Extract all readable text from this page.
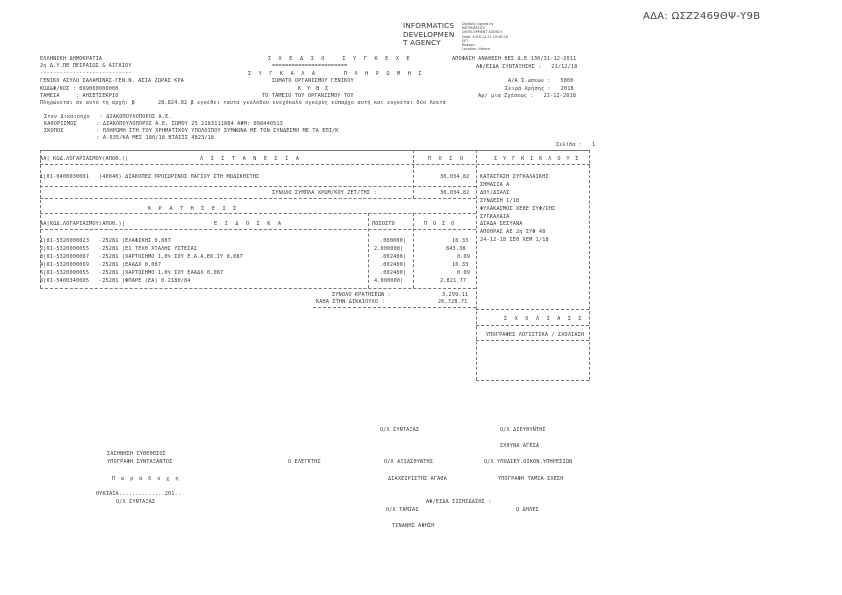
ΑΔΑ: ΩΣΖ2469ΘΨ-Υ9Β
INFORMATICS
DEVELOPMEN
T AGENCY
Digitally signed by
INFORMATICS
DEVELOPMENT AGENCY
Date: 2018.12.21 15:08:18
EET
Reason:
Location: Athens
ΕΛΛΗΝΙΚΗ ΔΗΜΟΚΡΑΤΙΑ
2η Δ.Υ.ΠΕ ΠΕΙΡΑΙΩΣ & ΑΙΓΑΙΟΥ
----------------------------
ΓΕΝΙΚΟ ΑΣΥΛΟ ΣΑΛΑΜΙΝΑΣ-ΓΕΝ.Ν. ΑΣΙΑ ΖΩΡΑΣ ΚΡΑ
ΚΩΔ&Φ/ΚΟΣ : 099000000000
ΤΑΜΕΙΑ     : ΑΗΣΕΤΣΕΚΡΙΟ
Σ Χ Ε Δ Ι Ο   Σ Υ Γ Κ Ε Χ Ε
=======================
Σ Υ Γ Κ Α Λ Α     Π Λ Η Ρ Ω Μ Η Σ
ΣΩΜΑΤΟ ΟΡΓΑΝΙΣΜΟΥ ΓΕΝΙΚΟΥ
Κ Υ Β Σ
ΤΟ ΤΑΜΕΙΟ ΤΟΥ ΟΡΓΑΝΙΣΜΟΥ ΤΟΥ
ΑΠΟΦΑΣΗ ΑΝΑΘΕΣΗ ΘΕΣ Δ.Ε 130/31-12-2011
ΑΦ/ΕΙΔΑ ΣΥΝΤΑΞΗΣΗΣ :   21/12/18
Α/Α Σ.ώσεων :   5000
Σειρά Χρήσης :   2018
Αρ/ μια Ζχέσεως :   21-12-2018
Πληρώνεται σε αυτό τη αρχή: β       28,824.82 β εγκέθει ταυτα γεολόδου ενεχόκαλο ογκέρος εύπαρχο αυτή και ευγκέται δύο Λεκτά
Στον Δικαιούχο   : ΔΙΑΚΟΠΟΥΛΟΠΟΡΟΣ Α.Ε.
ΚΑΘΟΡΙΣΜΟΣ      : ΔΙΑΚΟΠΟΥΛΟΠΟΡΟΣ Α.Ε. ΣΩΜΟΥ 25 2183111884 ΑΦΜ: 098440513
ΣΚΟΠΟΣ          : ΠΛΗΡΩΜΗ ΣΤΗ ΤΟΥ ΧΡΗΜΑΤΙΚΟΥ ΥΠΟΛΟΙΠΟΥ ΣΥΜΦΩΝΑ ΜΕ ΤΟΝ ΣΥΝΔΕΣΜΟ ΜΕ ΤΑ ΕΠΙ/Κ
: Α.635/ΚΑ ΜΕΣ 180/18 ΒΤΑΣΙΣ 4823/18
Σελίδα :   1
ΑΑ| ΚΩΔ.ΛΟΓΑΡΙΑΣΜΟΥ(ΑΠΟΘ.)|	Λ Ι Σ Τ Α Ν Ε Σ Ι Α	Π Ο Σ Ο	Σ Υ Γ Κ Ι Κ Λ Ο Υ Σ
1|01-0400030001   (40040) ΔΙΑΚΟΠΕΣ ΠΡΟΣΩΡΙΝΟΣ ΠΑΓΙΟΥ ΣΤΗ ΜΟΔΙΚΗΣΤΗΣ	30,034.82
ΣΥΝΟΛΟ ΣΥΜΠΛΑ ΧΡΩΜ/ΚΟΥ ΖΕΤ/ΤΗΣ :	30,034.82
ΚΑΤΑΣΤΑΣΗ ΣΥΓΚΑΛΑΙΚΗΣ
ΣΗΜΑΣΙΑ Α
ΔΟΥ/ΔΙΑΛΣ
ΣΥΝΔΕΣΗ 1/18
ΦΥΛΑΚΑΣΜΟΣ ΧΕΘΕ ΣΥΦ/ΣΗΣ
ΣΥΓΚΑΛΑΙΑ
ΔΙΑΔΑ ΣΕΣΥΑΝΑ
ΑΠΟΘΡΑΣ ΑΕ 2η ΣΥΦ 48
24-12-18 ΣΕΘ ΧΕΜ 1/18
Κ Ρ Α Τ Η Σ Ε Ι Σ
ΑΑ|ΚΩΔ.ΛΟΓΑΡΙΑΣΜΟΥ(ΑΠΟΘ.)|	Ε Ι Δ Ο Σ Κ Α	ΠΟΣΟΣΤΟ	Π Ο Σ Ο
1|01-5320000023   -25281 |ΕΛΑΦΙΚΗΣ 0,087	.000000|	10.33
2|01-5320000055   -25281 |Ε1 ΤΕΧΘ ΧΤΑΛΗΣ ΥΣΤΕΙΑΣ	2.000000|	843.38
3|01-5320000067   -25281 |ΧΑΡΤΟΣΗΜΟ 1,0% ΣΟΥ Ε.Α.Α.ΕΚ.ΙΥ 0,087	.002400|	0.09
4|01-5320000069   -25281 |ΕΑΑΔΧ 0,087	.002400|	10.33
5|01-5320000055   -25281 |ΧΑΡΤΟΣΗΜΟ 1,0% ΣΟΥ ΕΑΑΔΧ 0,087	.002400|	0.09
6|01-5400340005   -25281 |ΦΠΑΡΕ (ΕΑ) 0.2180/84	4.000000|	2,821.77
ΣΥΝΟΛΟ ΚΡΑΤΗΣΕΩΝ :	3,299.11
ΚΑΘΑ ΣΤΗΝ ΔΙΚΑΙΟΥΧΟ :	26,728.71
Σ Χ Ο Λ Ι Α Σ Σ
ΥΠΟΓΡΑΦΕΣ ΛΟΓΙΣΤΙΚΑ / ΣΧΟΛΙΑΣΗ
Ο/Χ ΣΥΝΤΑΞΑΣ	Ο/Χ ΔΙΕΥΘΥΝΤΗΣ
ΣΧΘΥΝΑ ΑΓΕΣΑ
ΣΑΣΗΝΗΣΗ ΣΥΘΕΘΕΣΟΣ
ΥΠΟΓΡΑΦΗ ΣΥΝΤΑΞΑΝΤΟΣ	Ο ΕΛΕΓΚΤΗΣ	Ο/Χ ΑΞΙΑΣΘΥΝΤΗΣ	Ο/Χ ΥΠΟΔΙΕΥ.ΟΙΚΟΝ.ΥΠΗΡΕΣΙΩΝ
Π α ρ ά δ ο χ η	ΔΙΑΧΕΙΡΙΣΤΗΣ ΑΓΑΘΑ	ΥΠΟΓΡΑΦΗ ΤΑΜΙΑ ΣΧΕΣΗ
ΘΥΚΙΑΙΑ..............201..
Ο/Χ ΣΥΝΤΑΞΑΣ	ΑΦ/ΕΙΔΑ ΣΙΣΗΣΔΑΣΗΣ :
Ο/Χ ΤΑΜΙΑΣ	Ο ΔΗΛΕΣ
ΤΙΝΑΝΗΣ ΑΦΗΣΗ
